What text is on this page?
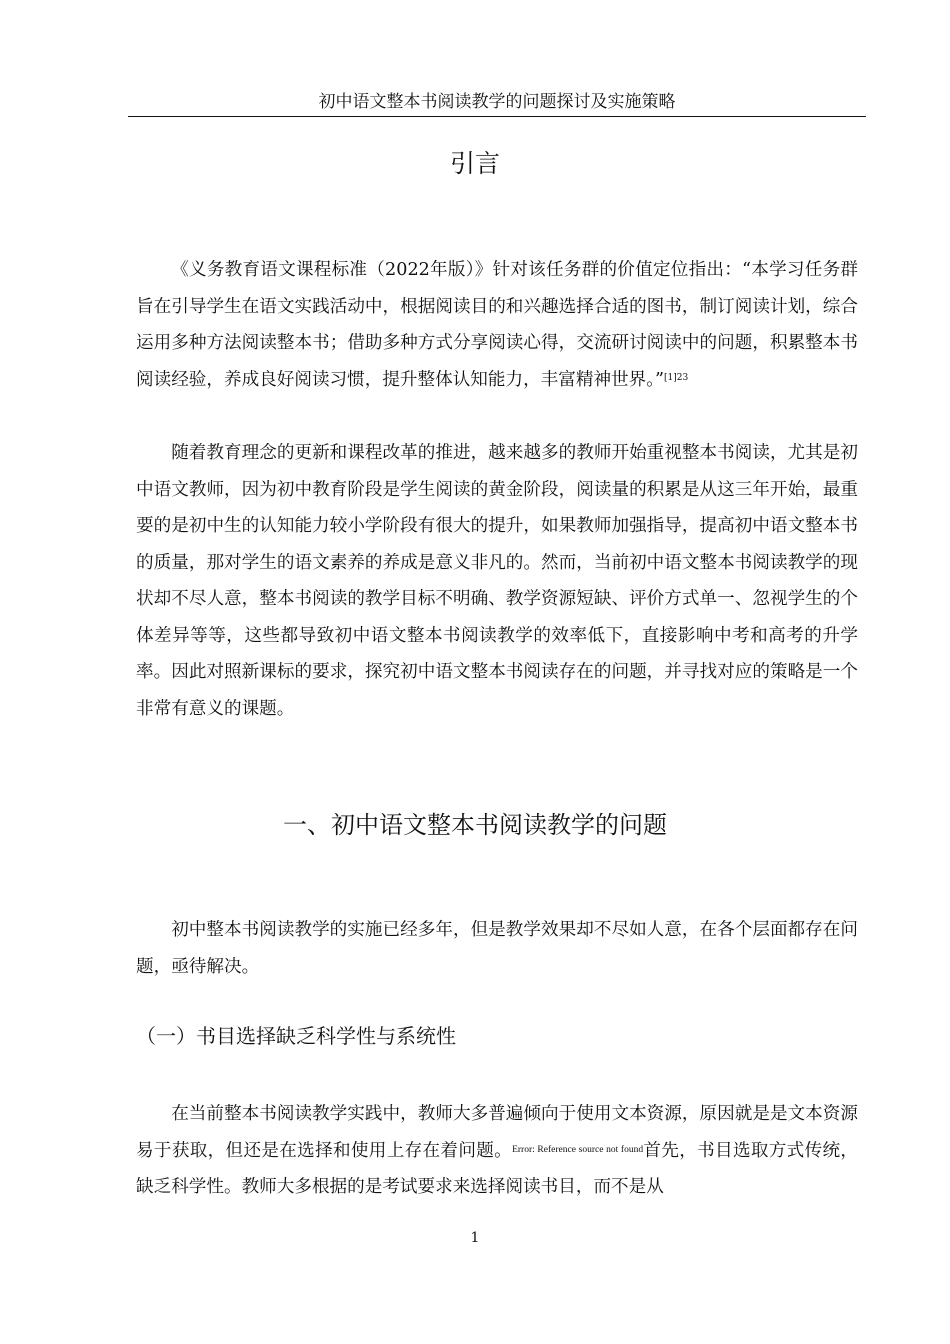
初中语文整本书阅读教学的问题探讨及实施策略
引言

《义务教育语文课程标准（2022年版）》针对该任务群的价值定位指出：“本学习任务群旨在引导学生在语文实践活动中，根据阅读目的和兴趣选择合适的图书，制订阅读计划，综合运用多种方法阅读整本书；借助多种方式分享阅读心得，交流研讨阅读中的问题，积累整本书阅读经验，养成良好阅读习惯，提升整体认知能力，丰富精神世界。”$^{[1]23}$

随着教育理念的更新和课程改革的推进，越来越多的教师开始重视整本书阅读，尤其是初中语文教师，因为初中教育阶段是学生阅读的黄金阶段，阅读量的积累是从这三年开始，最重要的是初中生的认知能力较小学阶段有很大的提升，如果教师加强指导，提高初中语文整本书的质量，那对学生的语文素养的养成是意义非凡的。然而，当前初中语文整本书阅读教学的现状却不尽人意，整本书阅读的教学目标不明确、教学资源短缺、评价方式单一、忽视学生的个体差异等等，这些都导致初中语文整本书阅读教学的效率低下，直接影响中考和高考的升学率。因此对照新课标的要求，探究初中语文整本书阅读存在的问题，并寻找对应的策略是一个非常有意义的课题。

一、初中语文整本书阅读教学的问题

初中整本书阅读教学的实施已经多年，但是教学效果却不尽如人意，在各个层面都存在问题，亟待解决。

（一）书目选择缺乏科学性与系统性

在当前整本书阅读教学实践中，教师大多普遍倾向于使用文本资源，原因就是是文本资源易于获取，但还是在选择和使用上存在着问题。$^{Error: Reference source not found}$首先，书目选取方式传统，缺乏科学性。教师大多根据的是考试要求来选择阅读书目，而不是从

1
